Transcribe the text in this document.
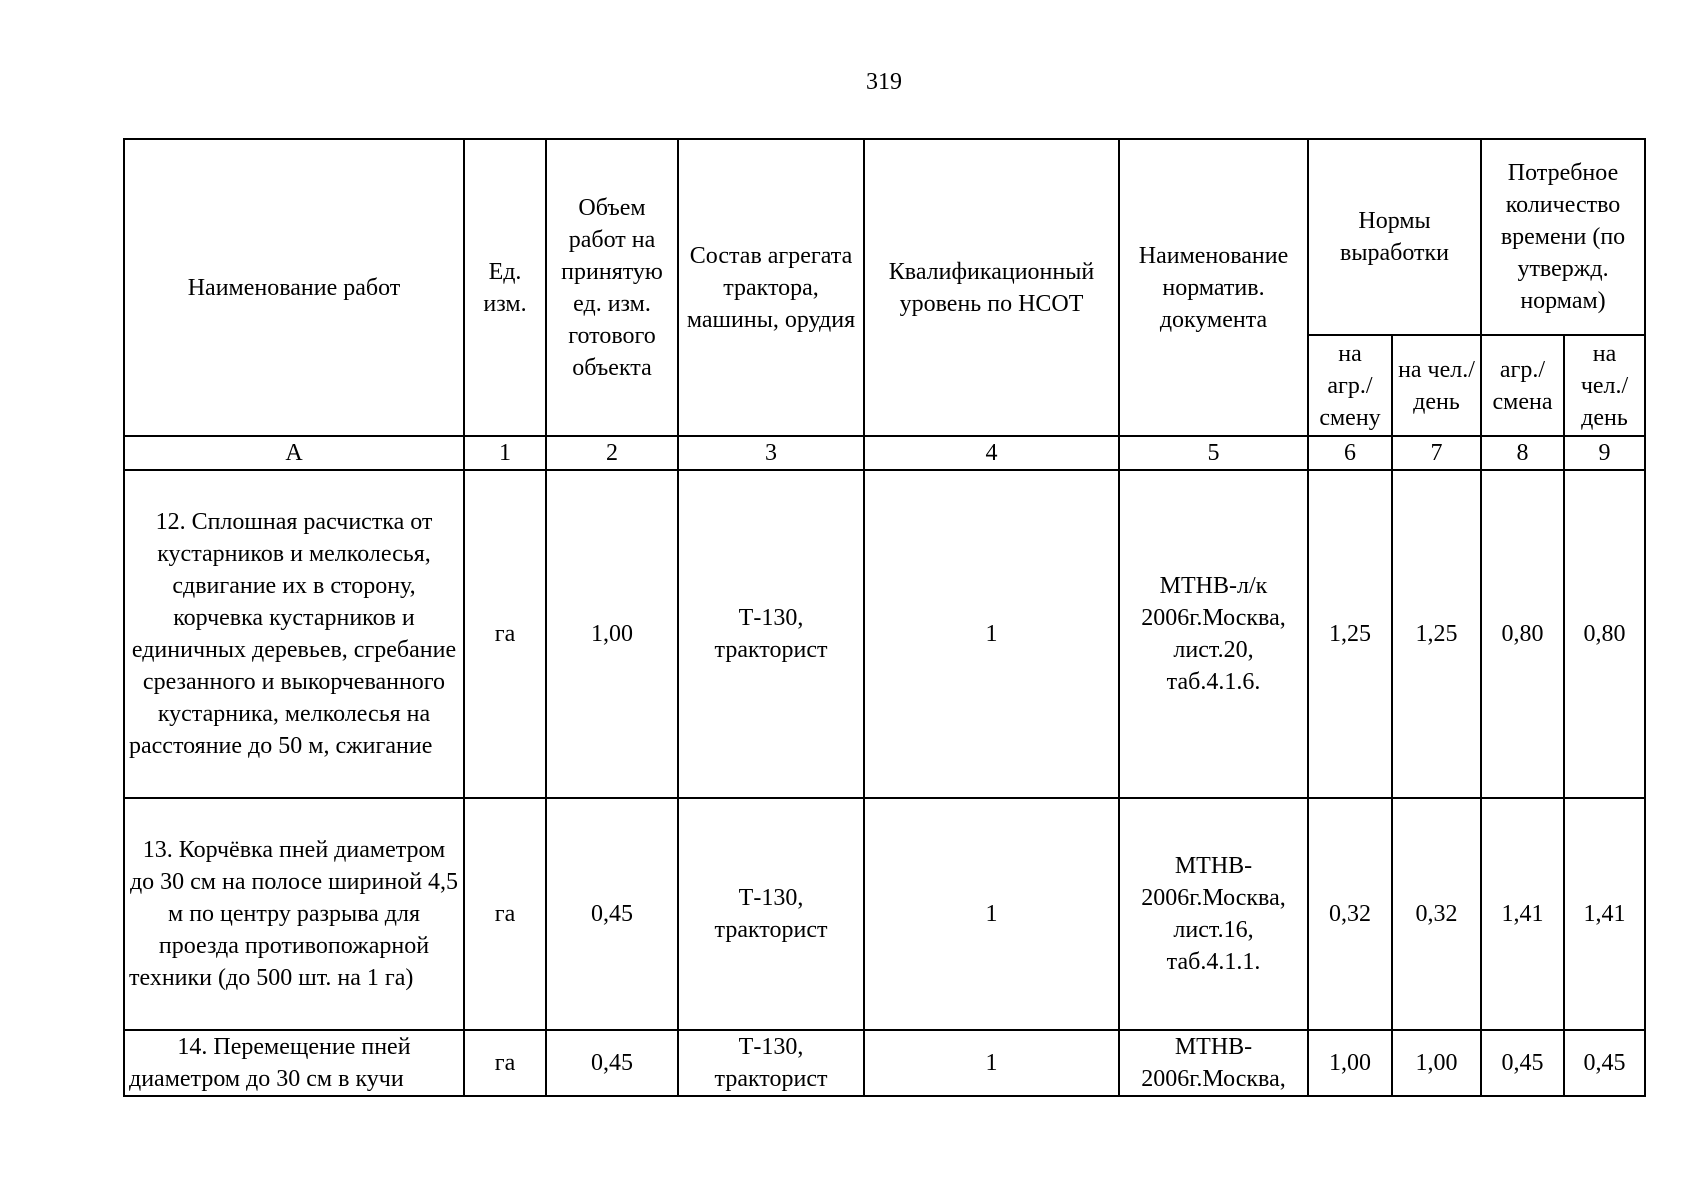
319
Наименование работ	Ед. изм.	Объем работ на принятую ед. изм. готового объекта	Состав агрегата трактора, машины, орудия	Квалификационный уровень по НСОТ	Наименование норматив. документа	Нормы выработки		Потребное количество времени (по утвержд. нормам)	
						на агр./ смену	на чел./ день	агр./ смена	на чел./ день
А	1	2	3	4	5	6	7	8	9
12. Сплошная расчистка от кустарников и мелколесья, сдвигание их в сторону, корчевка кустарников и единичных деревьев, сгребание срезанного и выкорчеванного кустарника, мелколесья на расстояние до 50 м, сжигание	га	1,00	Т-130, тракторист	1	МТНВ-л/к 2006г.Москва, лист.20, таб.4.1.6.	1,25	1,25	0,80	0,80
13. Корчёвка пней диаметром до 30 см на полосе шириной 4,5 м по центру разрыва для проезда противопожарной техники (до 500 шт. на 1 га)	га	0,45	Т-130, тракторист	1	МТНВ- 2006г.Москва, лист.16, таб.4.1.1.	0,32	0,32	1,41	1,41
14. Перемещение пней диаметром до 30 см в кучи	га	0,45	Т-130, тракторист	1	МТНВ- 2006г.Москва,	1,00	1,00	0,45	0,45
